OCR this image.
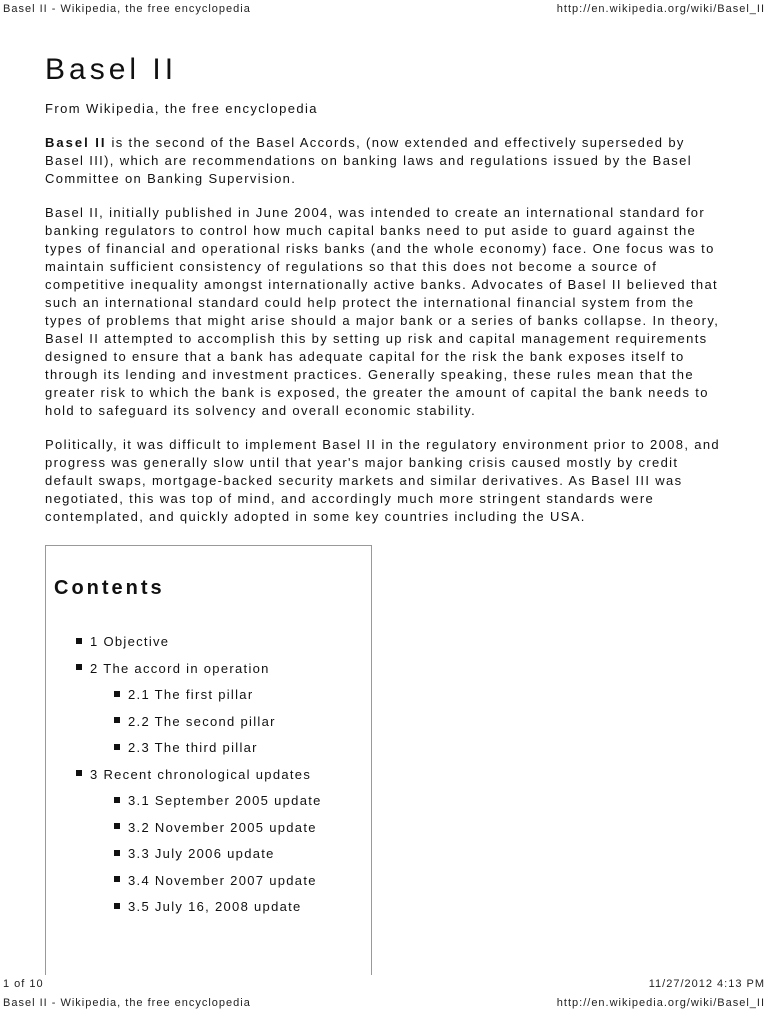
Basel II - Wikipedia, the free encyclopedia	http://en.wikipedia.org/wiki/Basel_II
Basel II
From Wikipedia, the free encyclopedia

Basel II is the second of the Basel Accords, (now extended and effectively superseded by Basel III), which are recommendations on banking laws and regulations issued by the Basel Committee on Banking Supervision.

Basel II, initially published in June 2004, was intended to create an international standard for banking regulators to control how much capital banks need to put aside to guard against the types of financial and operational risks banks (and the whole economy) face. One focus was to maintain sufficient consistency of regulations so that this does not become a source of competitive inequality amongst internationally active banks. Advocates of Basel II believed that such an international standard could help protect the international financial system from the types of problems that might arise should a major bank or a series of banks collapse. In theory, Basel II attempted to accomplish this by setting up risk and capital management requirements designed to ensure that a bank has adequate capital for the risk the bank exposes itself to through its lending and investment practices. Generally speaking, these rules mean that the greater risk to which the bank is exposed, the greater the amount of capital the bank needs to hold to safeguard its solvency and overall economic stability.

Politically, it was difficult to implement Basel II in the regulatory environment prior to 2008, and progress was generally slow until that year's major banking crisis caused mostly by credit default swaps, mortgage-backed security markets and similar derivatives. As Basel III was negotiated, this was top of mind, and accordingly much more stringent standards were contemplated, and quickly adopted in some key countries including the USA.

Contents
1 Objective
2 The accord in operation
2.1 The first pillar
2.2 The second pillar
2.3 The third pillar
3 Recent chronological updates
3.1 September 2005 update
3.2 November 2005 update
3.3 July 2006 update
3.4 November 2007 update
3.5 July 16, 2008 update
1 of 10	11/27/2012 4:13 PM
Basel II - Wikipedia, the free encyclopedia	http://en.wikipedia.org/wiki/Basel_II
